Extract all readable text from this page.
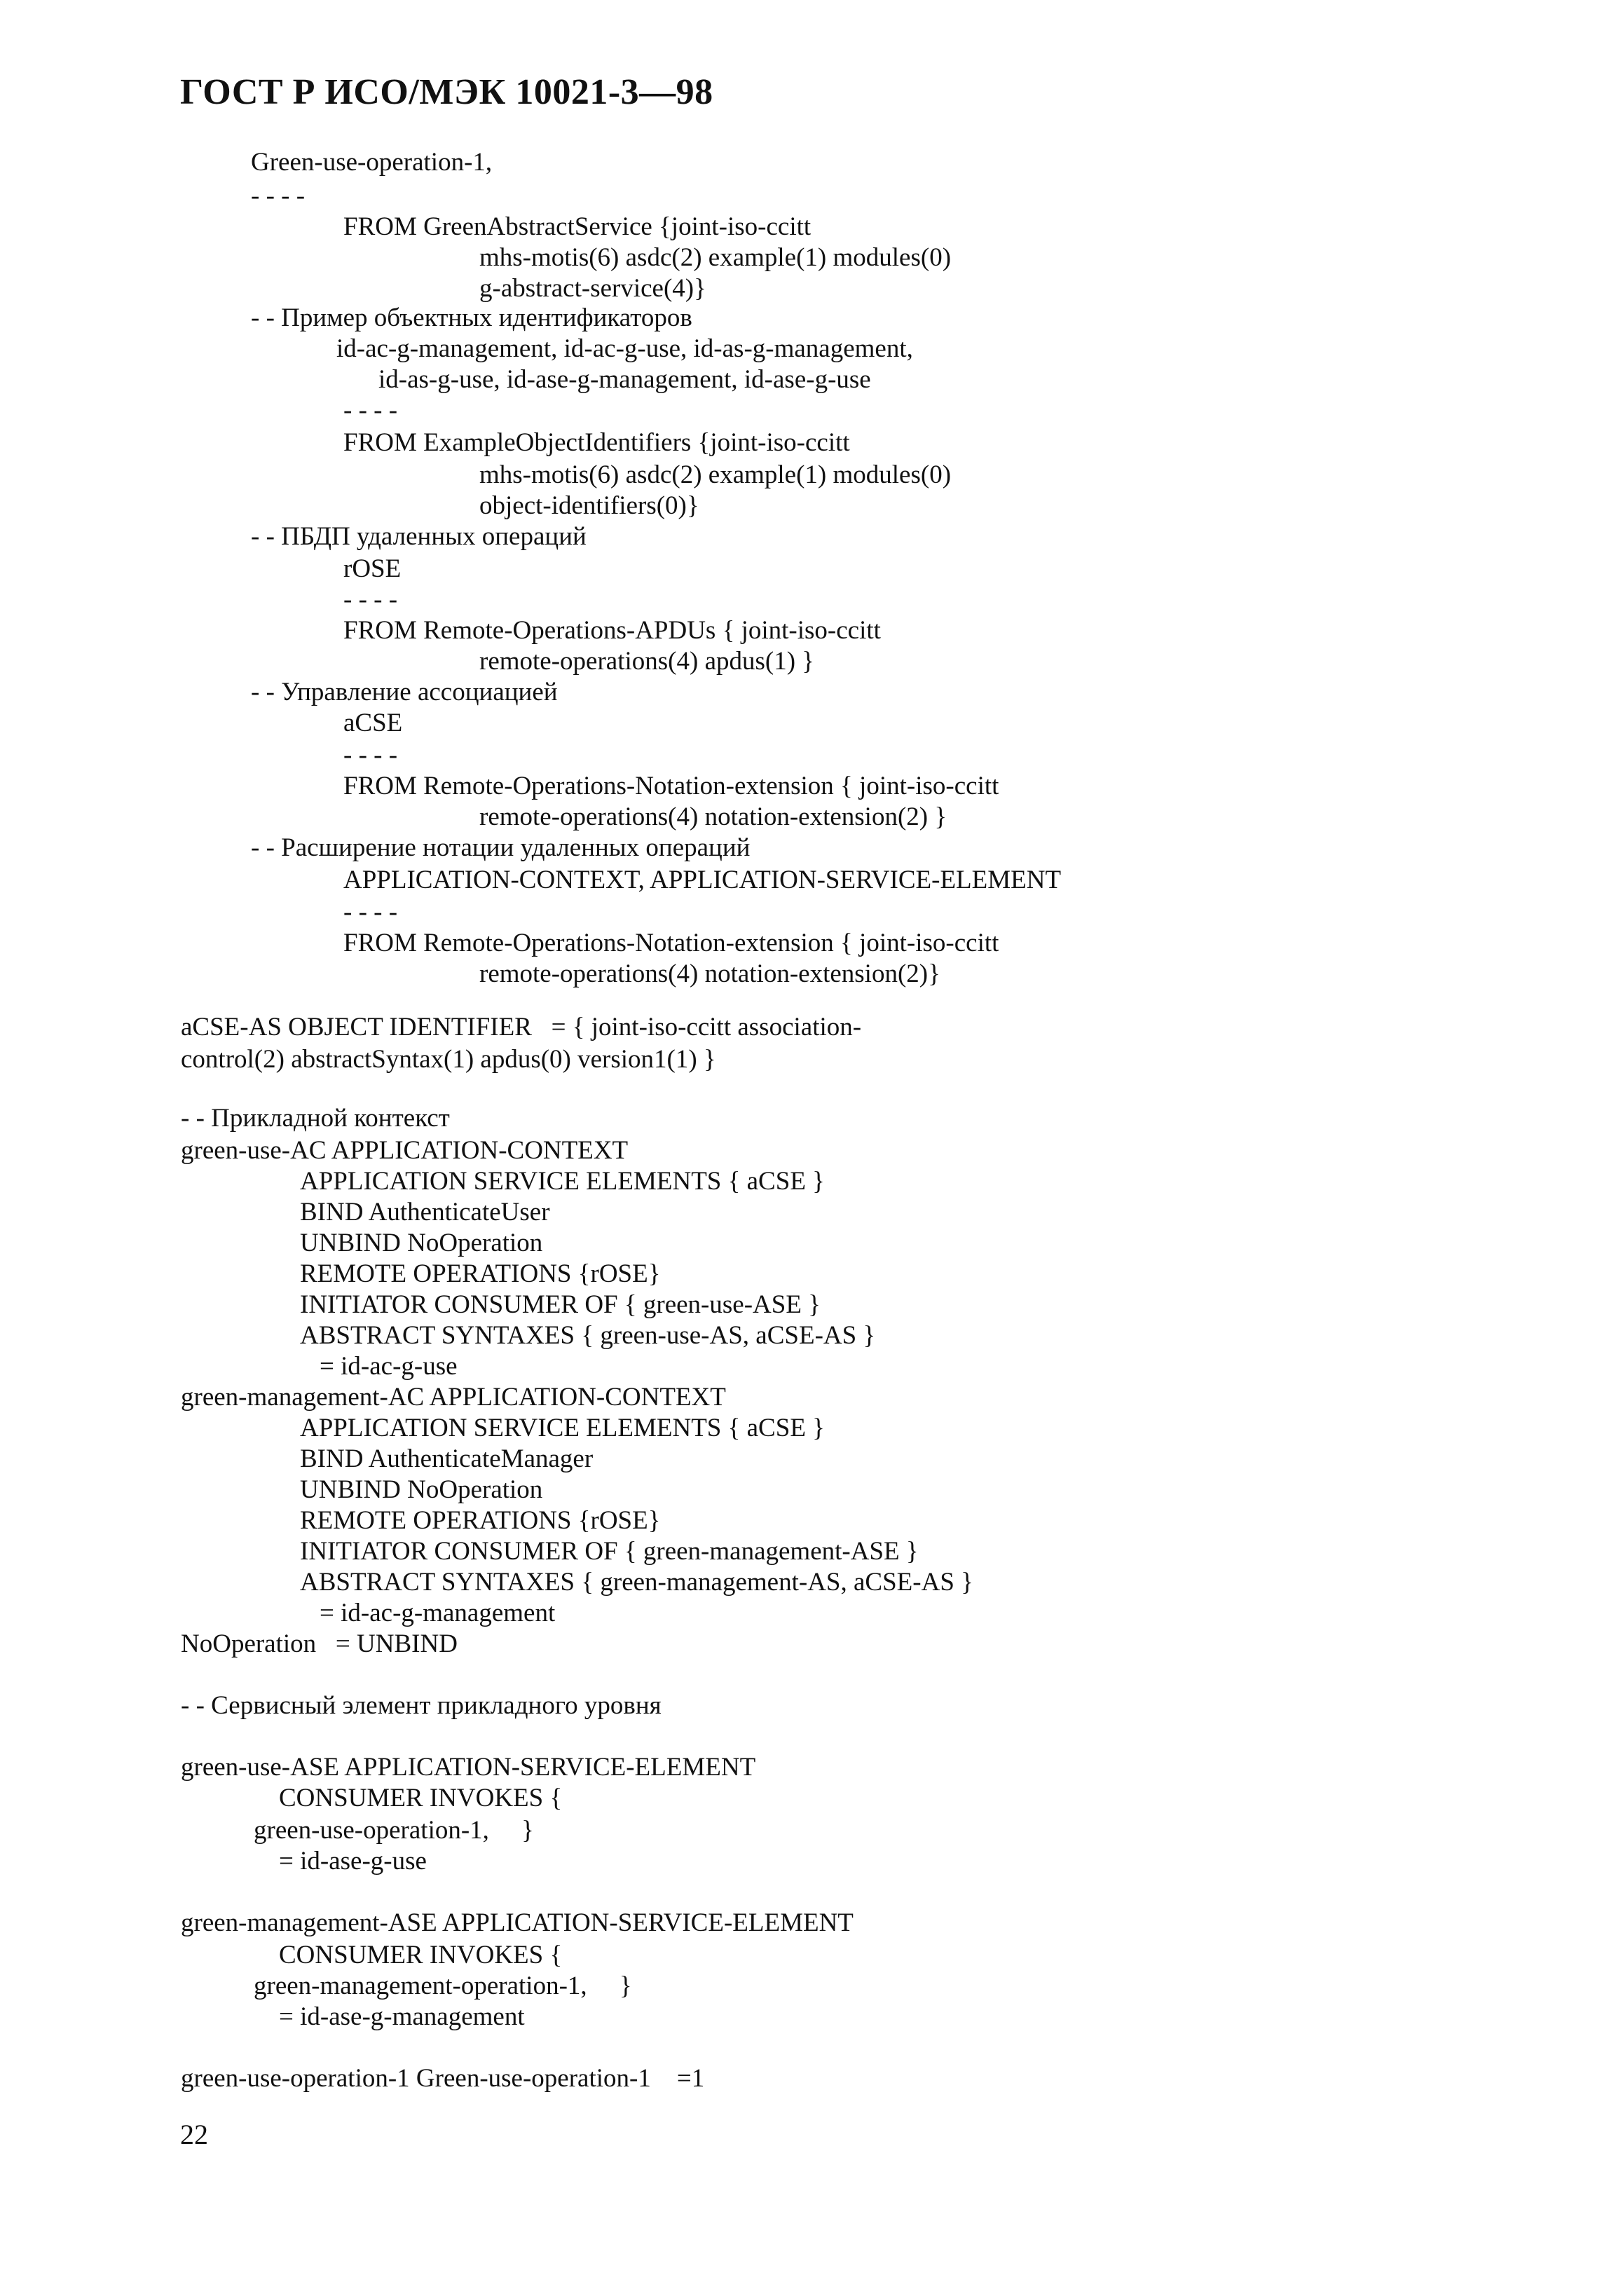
ГОСТ Р ИСО/МЭК 10021-3—98
Green-use-operation-1,
- - - -
FROM GreenAbstractService {joint-iso-ccitt
mhs-motis(6) asdc(2) example(1) modules(0)
g-abstract-service(4)}
- - Пример объектных идентификаторов
id-ac-g-management, id-ac-g-use, id-as-g-management,
id-as-g-use, id-ase-g-management, id-ase-g-use
- - - -
FROM ExampleObjectIdentifiers {joint-iso-ccitt
mhs-motis(6) asdc(2) example(1) modules(0)
object-identifiers(0)}
- - ПБДП удаленных операций
rOSE
- - - -
FROM Remote-Operations-APDUs { joint-iso-ccitt
remote-operations(4) apdus(1) }
- - Управление ассоциацией
aCSE
- - - -
FROM Remote-Operations-Notation-extension { joint-iso-ccitt
remote-operations(4) notation-extension(2) }
- - Расширение нотации удаленных операций
APPLICATION-CONTEXT, APPLICATION-SERVICE-ELEMENT
- - - -
FROM Remote-Operations-Notation-extension { joint-iso-ccitt
remote-operations(4) notation-extension(2)}
aCSE-AS OBJECT IDENTIFIER   = { joint-iso-ccitt association-
control(2) abstractSyntax(1) apdus(0) version1(1) }
- - Прикладной контекст
green-use-AC APPLICATION-CONTEXT
APPLICATION SERVICE ELEMENTS { aCSE }
BIND AuthenticateUser
UNBIND NoOperation
REMOTE OPERATIONS {rOSE}
INITIATOR CONSUMER OF { green-use-ASE }
ABSTRACT SYNTAXES { green-use-AS, aCSE-AS }
= id-ac-g-use
green-management-AC APPLICATION-CONTEXT
APPLICATION SERVICE ELEMENTS { aCSE }
BIND AuthenticateManager
UNBIND NoOperation
REMOTE OPERATIONS {rOSE}
INITIATOR CONSUMER OF { green-management-ASE }
ABSTRACT SYNTAXES { green-management-AS, aCSE-AS }
= id-ac-g-management
NoOperation   = UNBIND
- - Сервисный элемент прикладного уровня
green-use-ASE APPLICATION-SERVICE-ELEMENT
CONSUMER INVOKES {
green-use-operation-1,     }
= id-ase-g-use
green-management-ASE APPLICATION-SERVICE-ELEMENT
CONSUMER INVOKES {
green-management-operation-1,     }
= id-ase-g-management
green-use-operation-1 Green-use-operation-1    =1
22
